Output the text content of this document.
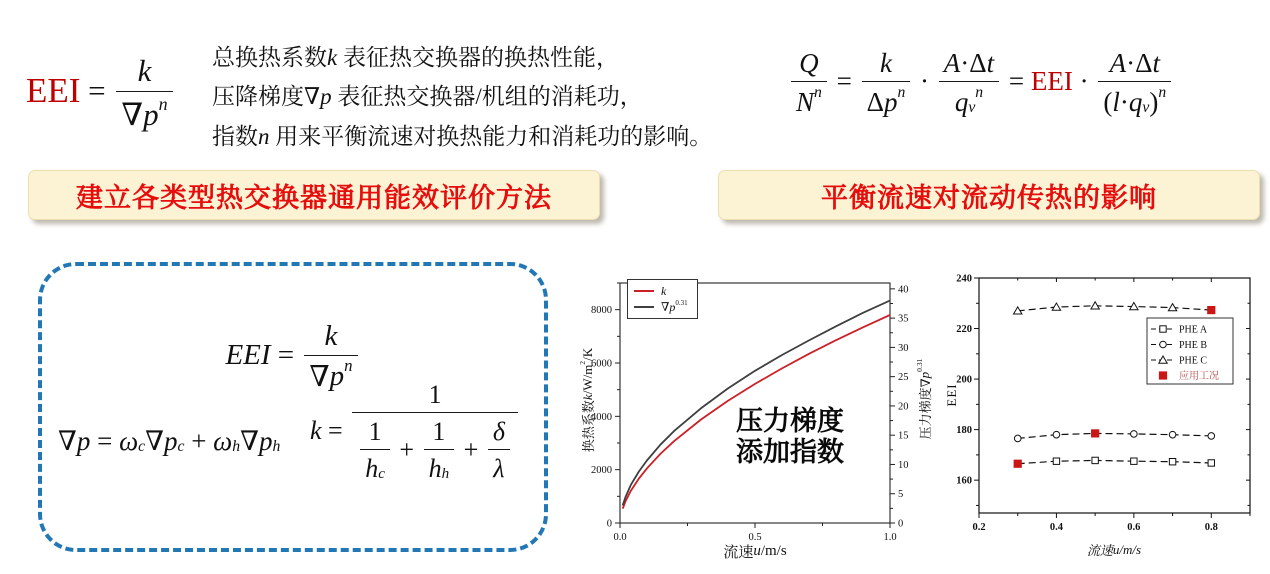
EEI = $\frac{k}{\nabla pn}$ 总换热系数k 表征热交换器的换热性能，
压降梯度∇p 表征热交换器/机组的消耗功，
指数n 用来平衡流速对换热能力和消耗功的影响。
$\frac{Q}{Nn} = \frac{k}{\text{Δpn}} \cdot \frac{A\cdot\Delta t}{\text{qvn}}$ = EEI · $\frac{A\cdot\Delta t}{(l\cdot qv)n}$
建立各类型热交换器通用能效评价方法	平衡流速对流动传热的影响
EEI = $\frac{k}{\nabla pn}$
∇p = ωc∇pc + ωh∇ph
$k = \frac{1}{\frac{1}{hc} + \frac{1}{hh} + \frac{\delta}{\lambda}}$
0.0	0.5	1.0
0
2000
4000
6000
8000
0
5
10
15
20
25
30
35
40
k
∇ p 0.31
流速u/m/s
换热系数k/W/m2/K
压力梯度∇p0.31
压力梯度
添加指数
0.2	0.4	0.6	0.8
160
180
200
220
240
PHE A
PHE B
PHE C
应用工况
流速u/m/s
EEI
